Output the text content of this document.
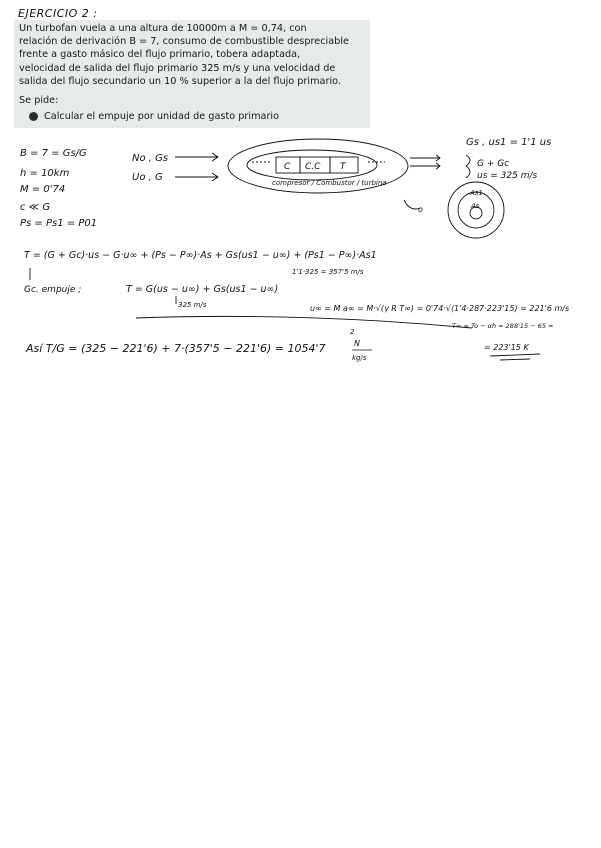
EJERCICIO 2 :

Un turbofan vuela a una altura de 10000m a M = 0,74, con

relación de derivación B = 7, consumo de combustible despreciable

frente a gasto másico del flujo primario, tobera adaptada,

velocidad de salida del flujo primario 325 m/s y una velocidad de

salida del flujo secundario un 10 % superior a la del flujo primario.

Se pide:
Calcular el empuje por unidad de gasto primario
B = 7 = Gs/G
h = 10km
M = 0'74
c ≪ G
Ps = Ps1 = P01
No , Gs
Uo , G
C C.C T
compresor / Combustor / turbina
Gs , us1 = 1'1 us
G + Gc
us = 325 m/s
As1
As
o
T = (G + Gc)·us − G·u∞ + (Ps − P∞)·As + Gs(us1 − u∞) + (Ps1 − P∞)·As1
Gc. empuje ;	T = G(us − u∞) + Gs(us1 − u∞)
1'1·325 = 357'5 m/s
325 m/s	u∞ = M a∞ = M·√(γ R T∞) = 0'74·√(1'4·287·223'15) = 221'6 m/s
T∞ = To − αh = 288'15 − 65 =
= 223'15 K
Así T/G = (325 − 221'6) + 7·(357'5 − 221'6) = 1054'7	N
kg/s
2
